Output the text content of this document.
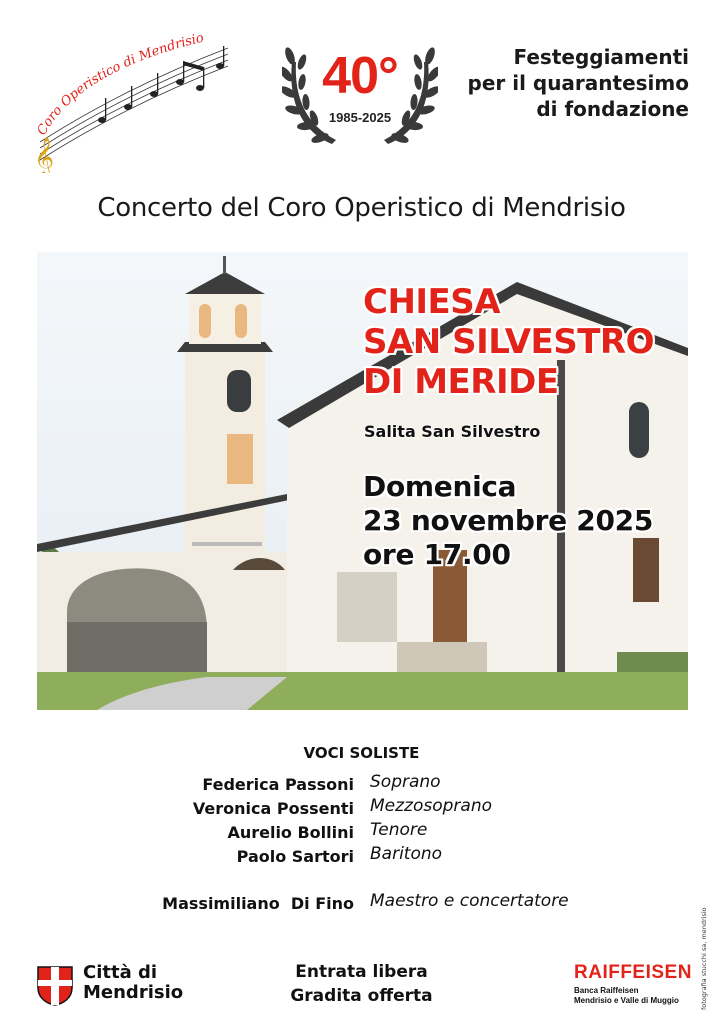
Coro Operistico di Mendrisio
𝄞
40°
1985-2025
Festeggiamenti
per il quarantesimo
di fondazione
Concerto del Coro Operistico di Mendrisio
CHIESA
SAN SILVESTRO
DI MERIDE
Salita San Silvestro
Domenica
23 novembre 2025
ore 17.00
VOCI SOLISTE
Federica Passoni Soprano
Veronica Possenti Mezzosoprano
Aurelio Bollini Tenore
Paolo Sartori Baritono
Massimiliano  Di Fino Maestro e concertatore
Città di
Mendrisio
Entrata libera
Gradita offerta
RAIFFEISEN
Banca Raiffeisen
Mendrisio e Valle di Muggio	fotografia stucchi sa, mendrisio
